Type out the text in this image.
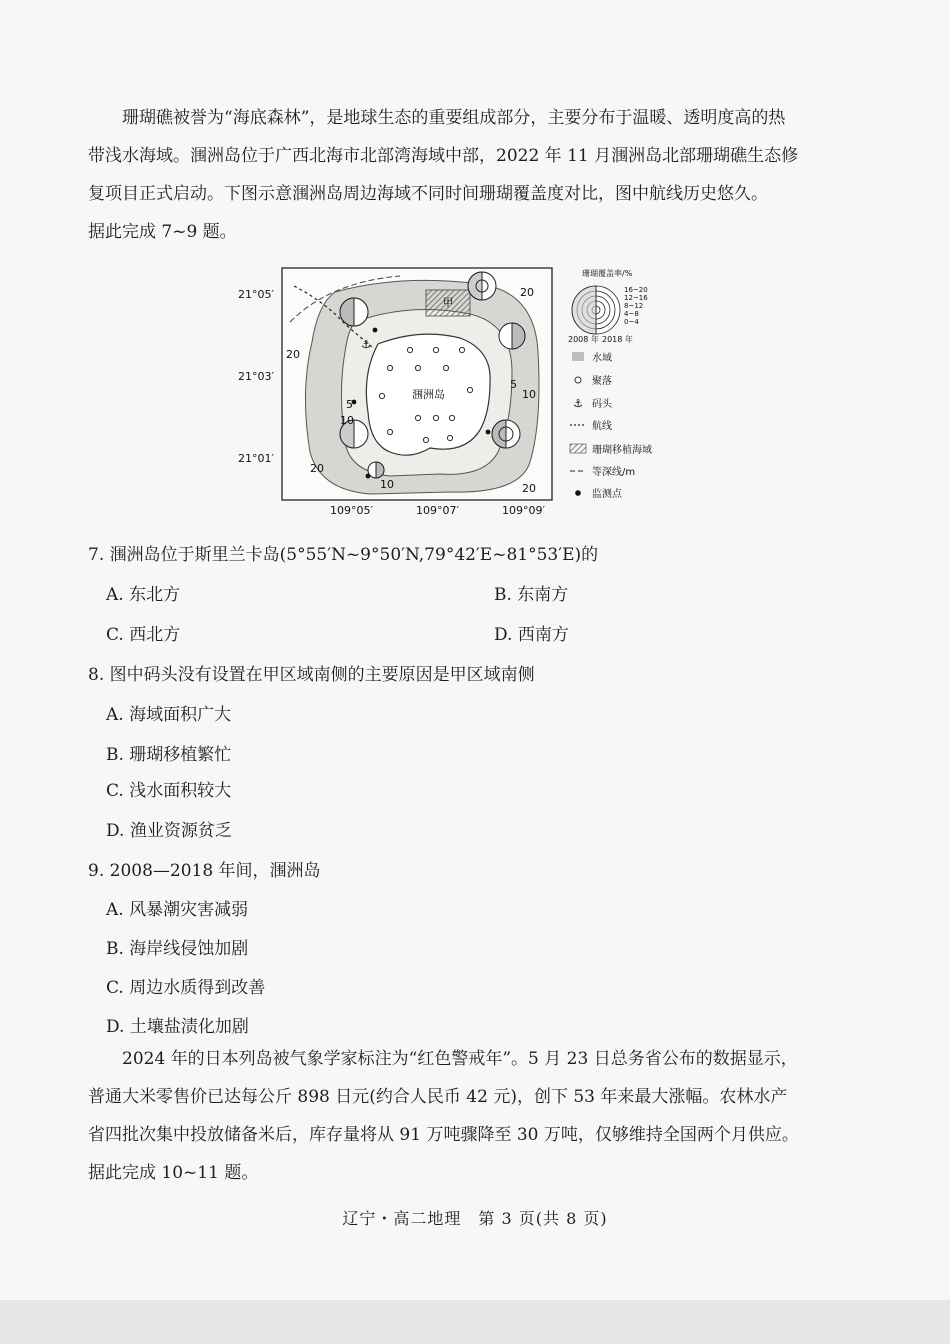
珊瑚礁被誉为“海底森林”，是地球生态的重要组成部分，主要分布于温暖、透明度高的热

带浅水海域。涠洲岛位于广西北海市北部湾海域中部，2022 年 11 月涠洲岛北部珊瑚礁生态修

复项目正式启动。下图示意涠洲岛周边海域不同时间珊瑚覆盖度对比，图中航线历史悠久。

据此完成 7~9 题。

甲
⚓
20
20
20
5
10
5
10
10
20
涠洲岛
21°05′
21°03′
21°01′
109°05′	109°07′	109°09′
珊瑚覆盖率/%
16~20
12~16
8~12
4~8
0~4
2008 年 2018 年
水域
聚落
⚓ 码头
航线
珊瑚移植海域
等深线/m
监测点
7. 涠洲岛位于斯里兰卡岛(5°55′N~9°50′N,79°42′E~81°53′E)的
A. 东北方	B. 东南方
C. 西北方	D. 西南方
8. 图中码头没有设置在甲区域南侧的主要原因是甲区域南侧
A. 海域面积广大
B. 珊瑚移植繁忙
C. 浅水面积较大
D. 渔业资源贫乏
9. 2008—2018 年间，涠洲岛
A. 风暴潮灾害减弱
B. 海岸线侵蚀加剧
C. 周边水质得到改善
D. 土壤盐渍化加剧

2024 年的日本列岛被气象学家标注为“红色警戒年”。5 月 23 日总务省公布的数据显示，

普通大米零售价已达每公斤 898 日元(约合人民币 42 元)，创下 53 年来最大涨幅。农林水产

省四批次集中投放储备米后，库存量将从 91 万吨骤降至 30 万吨，仅够维持全国两个月供应。

据此完成 10~11 题。

辽宁・高二地理　第 3 页(共 8 页)
